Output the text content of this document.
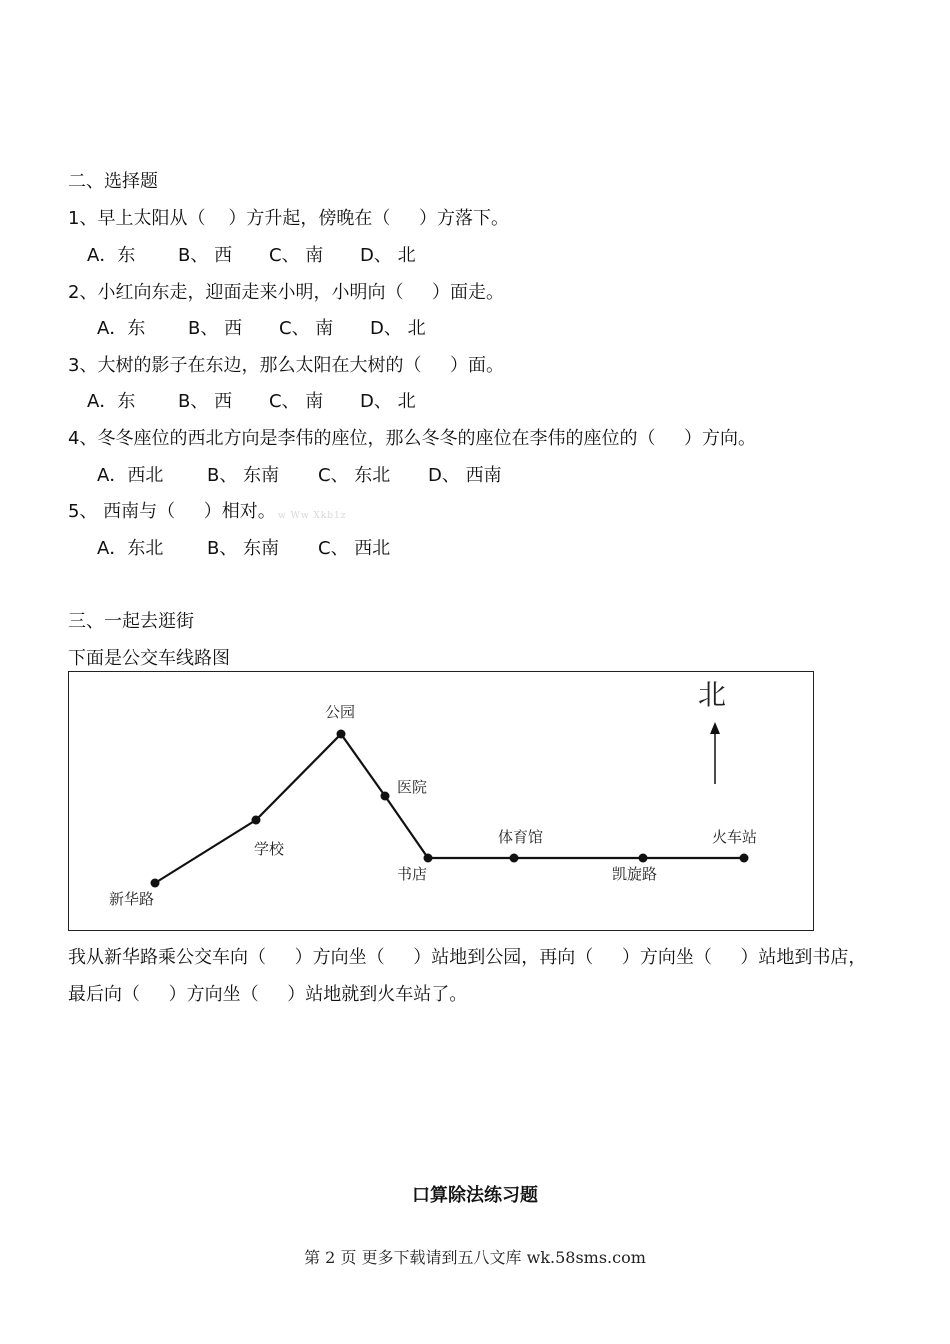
二、选择题
1、早上太阳从（    ）方升起，傍晚在（     ）方落下。
A．东 B、 西 C、 南 D、 北
2、小红向东走，迎面走来小明，小明向（     ）面走。
A．东 B、 西 C、 南 D、 北
3、大树的影子在东边，那么太阳在大树的（     ）面。
A．东 B、 西 C、 南 D、 北
4、冬冬座位的西北方向是李伟的座位，那么冬冬的座位在李伟的座位的（     ）方向。
A．西北 B、 东南 C、 东北 D、 西南
5、 西南与（     ）相对。 w Ww Xkb1z
A．东北 B、 东南 C、 西北
三、一起去逛街
下面是公交车线路图
新华路
学校
公园
医院
书店
体育馆
凯旋路
火车站
北
我从新华路乘公交车向（     ）方向坐（     ）站地到公园，再向（     ）方向坐（     ）站地到书店，
最后向（     ）方向坐（     ）站地就到火车站了。
口算除法练习题
第 2 页 更多下载请到五八文库 wk.58sms.com
